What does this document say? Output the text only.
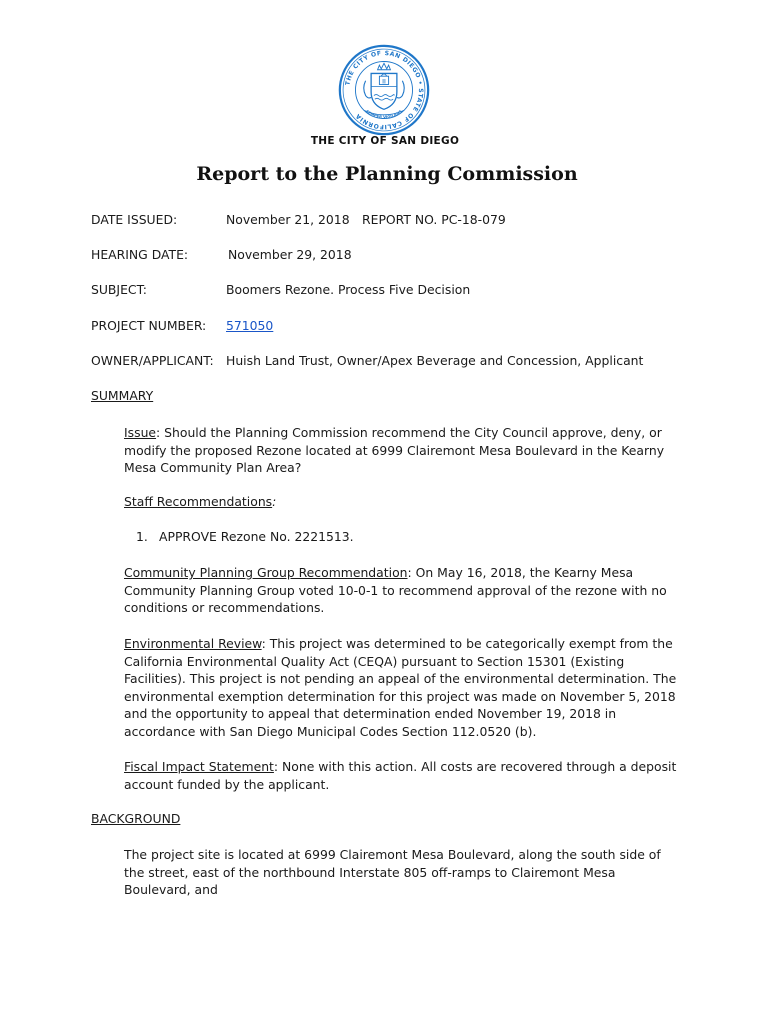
THE CITY OF SAN DIEGO • STATE OF CALIFORNIA
SEMPER VIGILANS
THE CITY OF SAN DIEGO
Report to the Planning Commission
DATE ISSUED:	November 21, 2018 REPORT NO. PC-18-079
HEARING DATE:	November 29, 2018
SUBJECT:	Boomers Rezone. Process Five Decision
PROJECT NUMBER: 571050
OWNER/APPLICANT: Huish Land Trust, Owner/Apex Beverage and Concession, Applicant
SUMMARY
Issue: Should the Planning Commission recommend the City Council approve, deny, or modify the proposed Rezone located at 6999 Clairemont Mesa Boulevard in the Kearny Mesa Community Plan Area?
Staff Recommendations:
1. APPROVE Rezone No. 2221513.
Community Planning Group Recommendation: On May 16, 2018, the Kearny Mesa Community Planning Group voted 10-0-1 to recommend approval of the rezone with no conditions or recommendations.
Environmental Review: This project was determined to be categorically exempt from the California Environmental Quality Act (CEQA) pursuant to Section 15301 (Existing Facilities). This project is not pending an appeal of the environmental determination. The environmental exemption determination for this project was made on November 5, 2018 and the opportunity to appeal that determination ended November 19, 2018 in accordance with San Diego Municipal Codes Section 112.0520 (b).
Fiscal Impact Statement: None with this action. All costs are recovered through a deposit account funded by the applicant.
BACKGROUND
The project site is located at 6999 Clairemont Mesa Boulevard, along the south side of the street, east of the northbound Interstate 805 off-ramps to Clairemont Mesa Boulevard, and
